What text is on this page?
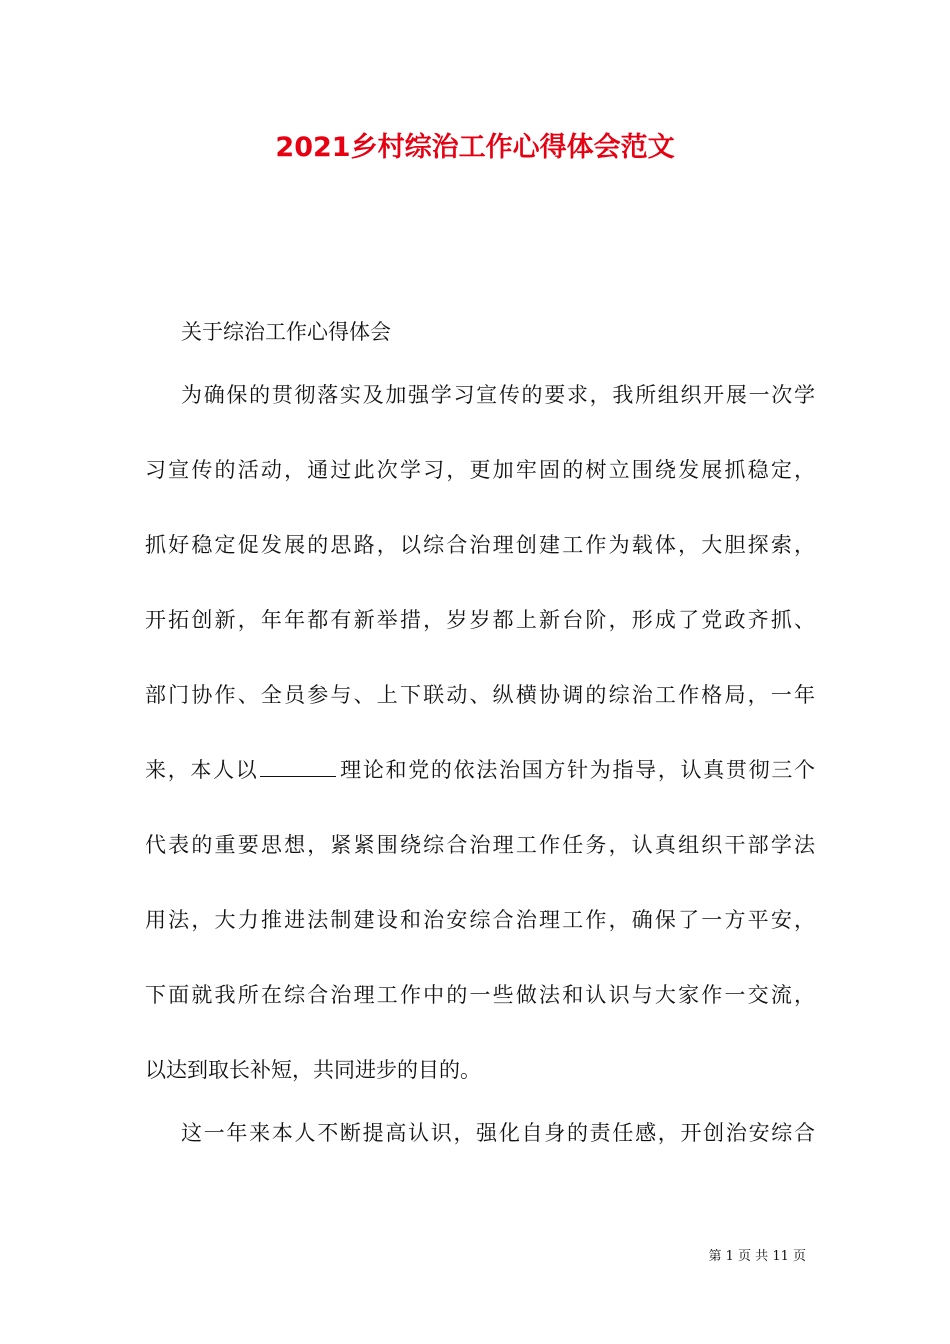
2021乡村综治工作心得体会范文

关于综治工作心得体会

为确保的贯彻落实及加强学习宣传的要求，我所组织开展一次学

习宣传的活动，通过此次学习，更加牢固的树立围绕发展抓稳定，

抓好稳定促发展的思路，以综合治理创建工作为载体，大胆探索，

开拓创新，年年都有新举措，岁岁都上新台阶，形成了党政齐抓、

部门协作、全员参与、上下联动、纵横协调的综治工作格局，一年

来，本人以	理论和党的依法治国方针为指导，认真贯彻三个

代表的重要思想，紧紧围绕综合治理工作任务，认真组织干部学法

用法，大力推进法制建设和治安综合治理工作，确保了一方平安，

下面就我所在综合治理工作中的一些做法和认识与大家作一交流，

以达到取长补短，共同进步的目的。

这一年来本人不断提高认识，强化自身的责任感，开创治安综合

第 1 页 共 11 页
